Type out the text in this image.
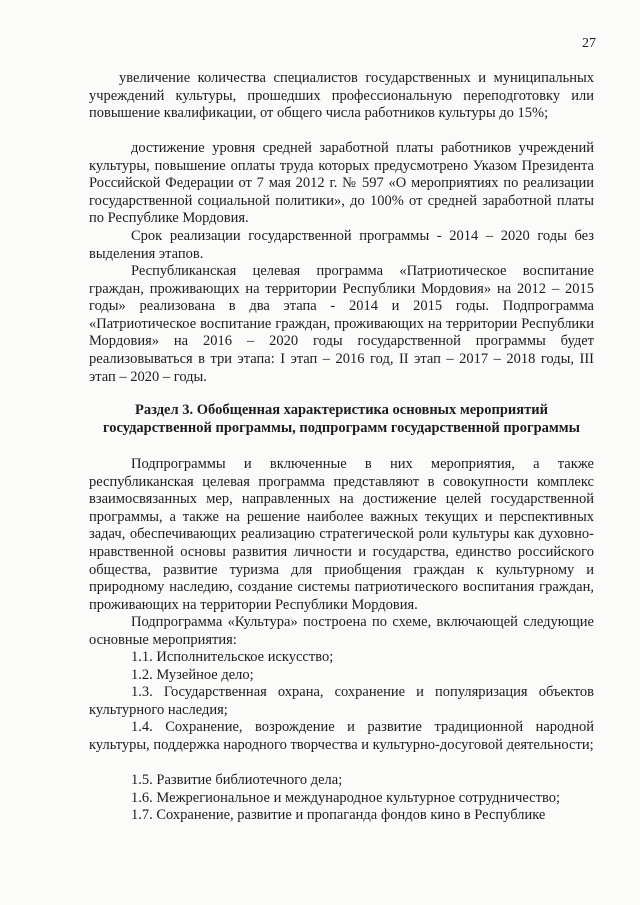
27

увеличение количества специалистов государственных и муниципальных учреждений культуры, прошедших профессиональную переподготовку или повышение квалификации, от общего числа работников культуры до 15%;

достижение уровня средней заработной платы работников учреждений культуры, повышение оплаты труда которых предусмотрено Указом Президента Российской Федерации от 7 мая 2012 г. № 597 «О мероприятиях по реализации государственной социальной политики», до 100% от средней заработной платы по Республике Мордовия.

Срок реализации государственной программы - 2014 – 2020 годы без выделения этапов.

Республиканская целевая программа «Патриотическое воспитание граждан, проживающих на территории Республики Мордовия» на 2012 – 2015 годы» реализована в два этапа - 2014 и 2015 годы. Подпрограмма «Патриотическое воспитание граждан, проживающих на территории Республики Мордовия» на 2016 – 2020 годы государственной программы будет реализовываться в три этапа: I этап – 2016 год, II этап – 2017 – 2018 годы, III этап – 2020 – годы.

Раздел 3. Обобщенная характеристика основных мероприятий государственной программы, подпрограмм государственной программы

Подпрограммы и включенные в них мероприятия, а также республиканская целевая программа представляют в совокупности комплекс взаимосвязанных мер, направленных на достижение целей государственной программы, а также на решение наиболее важных текущих и перспективных задач, обеспечивающих реализацию стратегической роли культуры как духовно-нравственной основы развития личности и государства, единство российского общества, развитие туризма для приобщения граждан к культурному и природному наследию, создание системы патриотического воспитания граждан, проживающих на территории Республики Мордовия.

Подпрограмма «Культура» построена по схеме, включающей следующие основные мероприятия:

1.1. Исполнительское искусство;

1.2. Музейное дело;

1.3. Государственная охрана, сохранение и популяризация объектов культурного наследия;

1.4. Сохранение, возрождение и развитие традиционной народной культуры, поддержка народного творчества и культурно-досуговой деятельности;

1.5. Развитие библиотечного дела;

1.6. Межрегиональное и международное культурное сотрудничество;

1.7. Сохранение, развитие и пропаганда фондов кино в Республике
